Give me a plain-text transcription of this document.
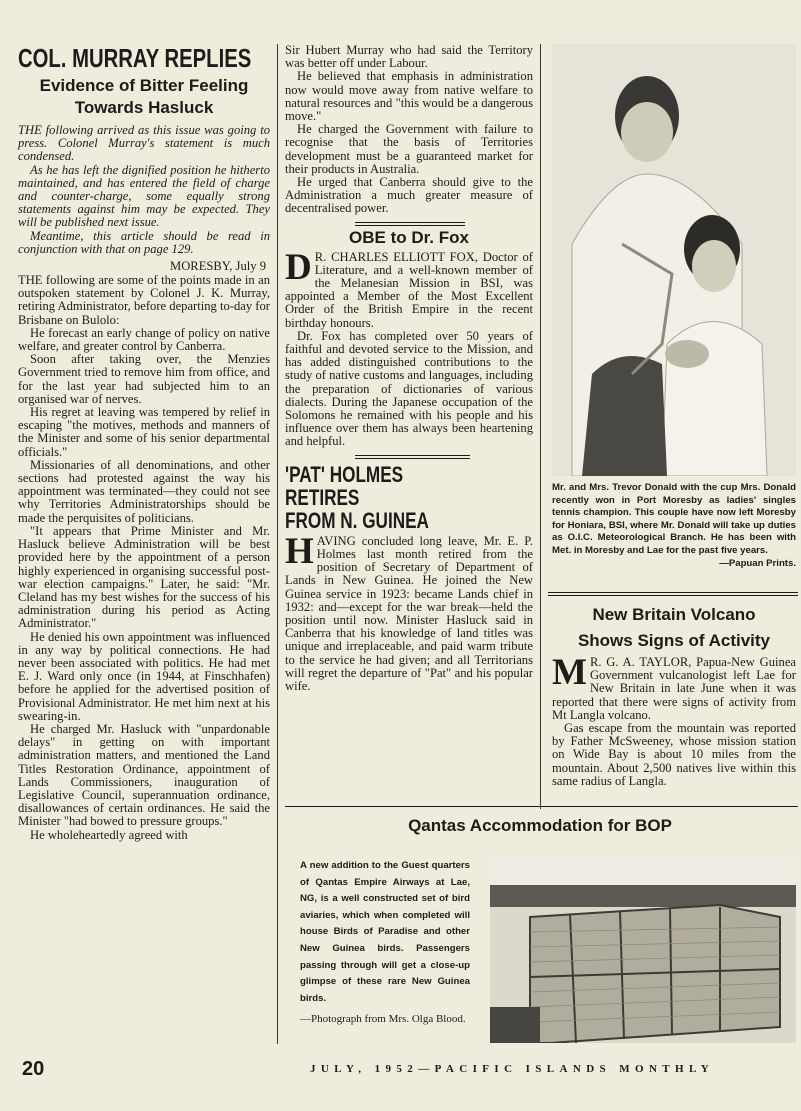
COL. MURRAY REPLIES
Evidence of Bitter Feeling
Towards Hasluck

THE following arrived as this issue was going to press. Colonel Murray's statement is much condensed.

As he has left the dignified position he hitherto maintained, and has entered the field of charge and counter-charge, some equally strong statements against him may be expected. They will be published next issue.

Meantime, this article should be read in conjunction with that on page 129.

MORESBY, July 9

THE following are some of the points made in an outspoken statement by Colonel J. K. Murray, retiring Administrator, before departing to-day for Brisbane on Bulolo:

He forecast an early change of policy on native welfare, and greater control by Canberra.

Soon after taking over, the Menzies Government tried to remove him from office, and for the last year had subjected him to an organised war of nerves.

His regret at leaving was tempered by relief in escaping "the motives, methods and manners of the Minister and some of his senior departmental officials."

Missionaries of all denominations, and other sections had protested against the way his appointment was terminated—they could not see why Territories Administratorships should be made the perquisites of politicians.

"It appears that Prime Minister and Mr. Hasluck believe Administration will be best provided here by the appointment of a person highly experienced in organising successful post-war election campaigns." Later, he said: "Mr. Cleland has my best wishes for the success of his administration during his period as Acting Administrator."

He denied his own appointment was influenced in any way by political connections. He had never been associated with politics. He had met E. J. Ward only once (in 1944, at Finschhafen) before he applied for the advertised position of Provisional Administrator. He met him next at his swearing-in.

He charged Mr. Hasluck with "unpardonable delays" in getting on with important administration matters, and mentioned the Land Titles Restoration Ordinance, appointment of Lands Commissioners, inauguration of Legislative Council, superannuation ordinance, disallowances of certain ordinances. He said the Minister "had bowed to pressure groups."

He wholeheartedly agreed with

Sir Hubert Murray who had said the Territory was better off under Labour.

He believed that emphasis in administration now would move away from native welfare to natural resources and "this would be a dangerous move."

He charged the Government with failure to recognise that the basis of Territories development must be a guaranteed market for their products in Australia.

He urged that Canberra should give to the Administration a much greater measure of decentralised power.

OBE to Dr. Fox

D R. CHARLES ELLIOTT FOX, Doctor of Literature, and a well-known member of the Melanesian Mission in BSI, was appointed a Member of the Most Excellent Order of the British Empire in the recent birthday honours.

Dr. Fox has completed over 50 years of faithful and devoted service to the Mission, and has added distinguished contributions to the study of native customs and languages, including the preparation of dictionaries of various dialects. During the Japanese occupation of the Solomons he remained with his people and his influence over them has always been heartening and helpful.

'PAT' HOLMES
RETIRES
FROM N. GUINEA

HAVING concluded long leave, Mr. E. P. Holmes last month retired from the position of Secretary of Department of Lands in New Guinea. He joined the New Guinea service in 1923: became Lands chief in 1932: and—except for the war break—held the position until now. Minister Hasluck said in Canberra that his knowledge of land titles was unique and irreplaceable, and paid warm tribute to the service he had given; and all Territorians will regret the departure of "Pat" and his popular wife.

Mr. and Mrs. Trevor Donald with the cup Mrs. Donald recently won in Port Moresby as ladies' singles tennis champion. This couple have now left Moresby for Honiara, BSI, where Mr. Donald will take up duties as O.I.C. Meteorological Branch. He has been with Met. in Moresby and Lae for the past five years.

—Papuan Prints.

New Britain Volcano
Shows Signs of Activity

M R. G. A. TAYLOR, Papua-New Guinea Government vulcanologist left Lae for New Britain in late June when it was reported that there were signs of activity from Mt Langla volcano.

Gas escape from the mountain was reported by Father McSweeney, whose mission station on Wide Bay is about 10 miles from the mountain. About 2,500 natives live within this same radius of Langla.

Qantas Accommodation for BOP

A new addition to the Guest quarters of Qantas Empire Airways at Lae, NG, is a well constructed set of bird aviaries, which when completed will house Birds of Paradise and other New Guinea birds. Passengers passing through will get a close-up glimpse of these rare New Guinea birds.

—Photograph from Mrs. Olga Blood.

20	JULY, 1952—PACIFIC ISLANDS MONTHLY
